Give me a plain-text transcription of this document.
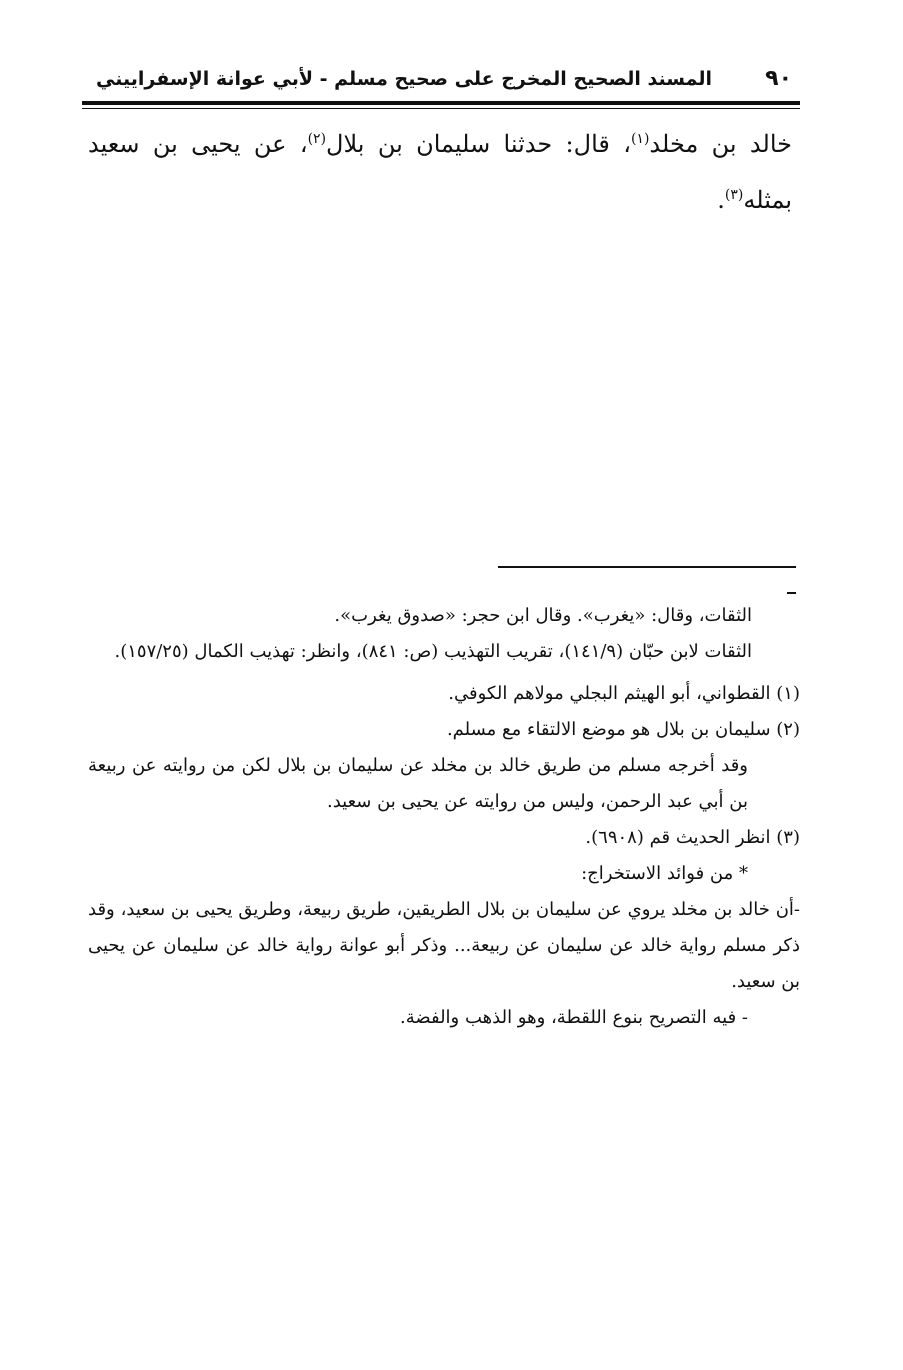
٩٠
المسند الصحيح المخرج على صحيح مسلم - لأبي عوانة الإسفراييني

خالد بن مخلد$^{(١)}$، قال: حدثنا سليمان بن بلال$^{(٢)}$، عن يحيى بن سعيد بمثله$^{(٣)}$.

الثقات، وقال: «يغرب». وقال ابن حجر: «صدوق يغرب».

الثقات لابن حبّان (١٤١/٩)، تقريب التهذيب (ص: ٨٤١)، وانظر: تهذيب الكمال (١٥٧/٢٥).

(١) القطواني، أبو الهيثم البجلي مولاهم الكوفي.

(٢) سليمان بن بلال هو موضع الالتقاء مع مسلم.

وقد أخرجه مسلم من طريق خالد بن مخلد عن سليمان بن بلال لكن من روايته عن ربيعة بن أبي عبد الرحمن، وليس من روايته عن يحيى بن سعيد.

(٣) انظر الحديث قم (٦٩٠٨).

* من فوائد الاستخراج:

-أن خالد بن مخلد يروي عن سليمان بن بلال الطريقين، طريق ربيعة، وطريق يحيى بن سعيد، وقد ذكر مسلم رواية خالد عن سليمان عن ربيعة... وذكر أبو عوانة رواية خالد عن سليمان عن يحيى بن سعيد.

- فيه التصريح بنوع اللقطة، وهو الذهب والفضة.
